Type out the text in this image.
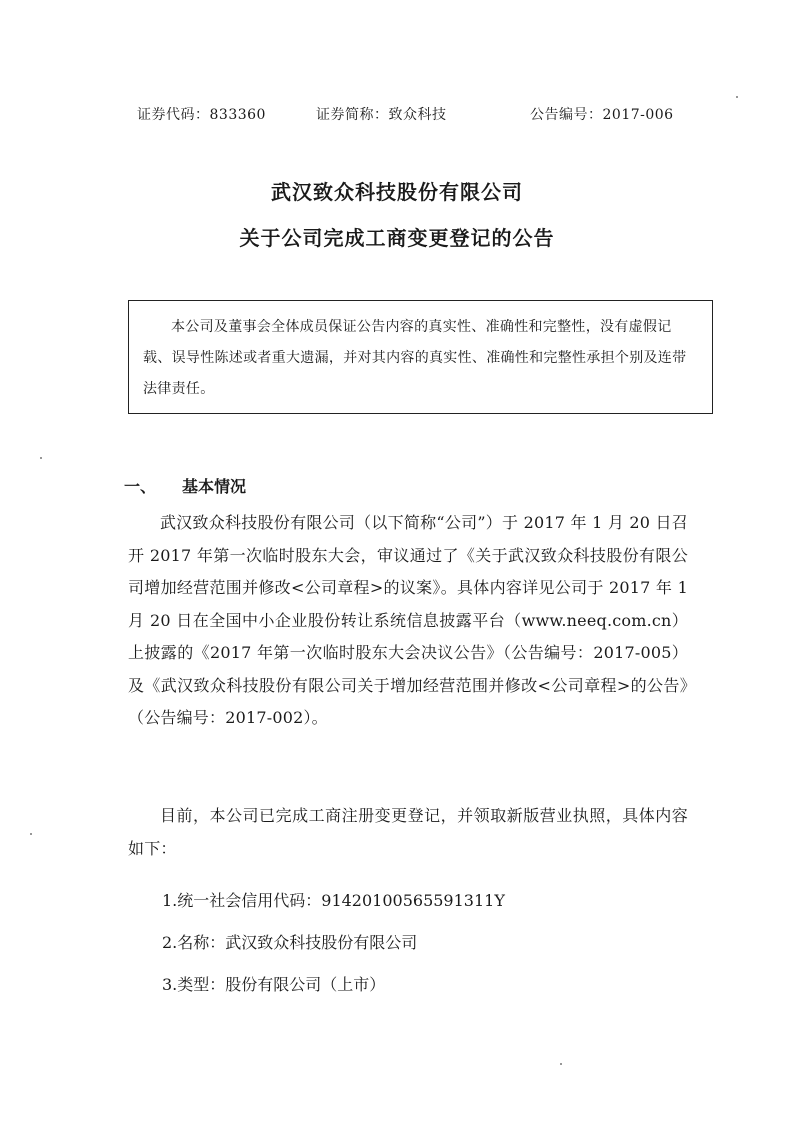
证券代码：833360	证券简称：致众科技	公告编号：2017-006
武汉致众科技股份有限公司
关于公司完成工商变更登记的公告

本公司及董事会全体成员保证公告内容的真实性、准确性和完整性，没有虚假记载、误导性陈述或者重大遗漏，并对其内容的真实性、准确性和完整性承担个别及连带法律责任。

一、 基本情况

武汉致众科技股份有限公司（以下简称“公司”）于 2017 年 1 月 20 日召开 2017 年第一次临时股东大会，审议通过了《关于武汉致众科技股份有限公司增加经营范围并修改<公司章程>的议案》。具体内容详见公司于 2017 年 1 月 20 日在全国中小企业股份转让系统信息披露平台（www.neeq.com.cn）上披露的《2017 年第一次临时股东大会决议公告》（公告编号：2017-005）及《武汉致众科技股份有限公司关于增加经营范围并修改<公司章程>的公告》（公告编号：2017-002）。

目前，本公司已完成工商注册变更登记，并领取新版营业执照，具体内容如下：

1.统一社会信用代码：91420100565591311Y
2.名称：武汉致众科技股份有限公司
3.类型：股份有限公司（上市）
